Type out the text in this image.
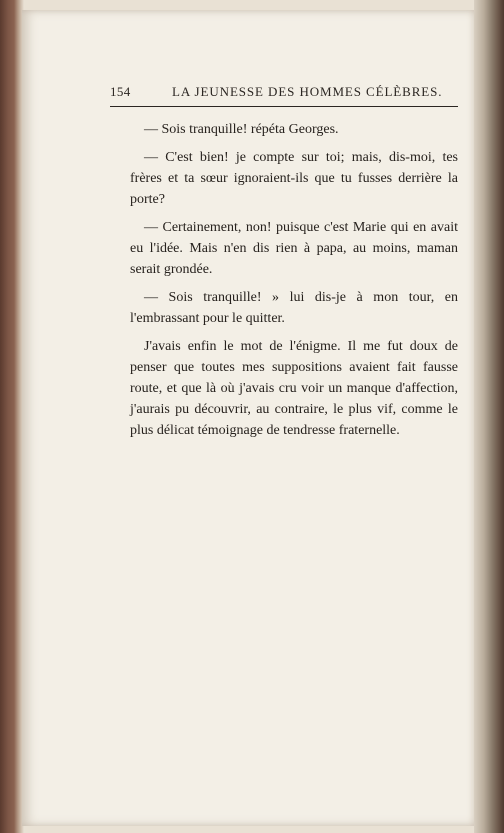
154	LA JEUNESSE DES HOMMES CÉLÈBRES.

— Sois tranquille! répéta Georges.

— C'est bien! je compte sur toi; mais, dis-moi, tes frères et ta sœur ignoraient-ils que tu fusses derrière la porte?

— Certainement, non! puisque c'est Marie qui en avait eu l'idée. Mais n'en dis rien à papa, au moins, maman serait grondée.

— Sois tranquille! » lui dis-je à mon tour, en l'embrassant pour le quitter.

J'avais enfin le mot de l'énigme. Il me fut doux de penser que toutes mes suppositions avaient fait fausse route, et que là où j'avais cru voir un manque d'affection, j'aurais pu découvrir, au contraire, le plus vif, comme le plus délicat témoignage de tendresse fraternelle.
